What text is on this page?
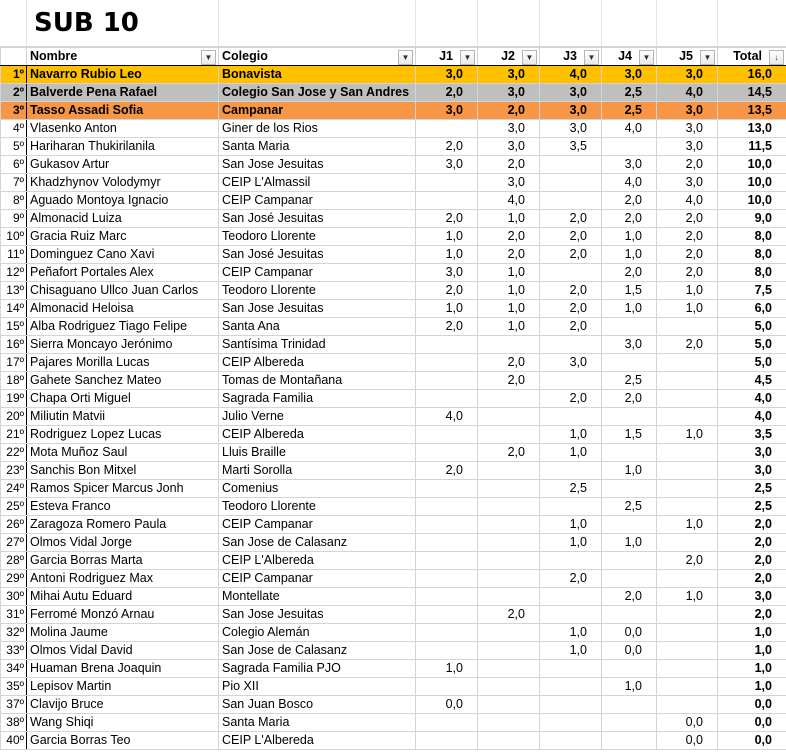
SUB 10
	Nombre ▼	Colegio ▼	J1 ▼	J2 ▼	J3 ▼	J4 ▼	J5 ▼	Total ↓

1º	Navarro Rubio Leo	Bonavista	3,0	3,0	4,0	3,0	3,0	16,0
2º	Balverde Pena Rafael	Colegio San Jose y San Andres	2,0	3,0	3,0	2,5	4,0	14,5
3º	Tasso Assadi Sofia	Campanar	3,0	2,0	3,0	2,5	3,0	13,5
4º	Vlasenko Anton	Giner de los Rios		3,0	3,0	4,0	3,0	13,0
5º	Hariharan Thukirilanila	Santa Maria	2,0	3,0	3,5		3,0	11,5
6º	Gukasov Artur	San Jose Jesuitas	3,0	2,0		3,0	2,0	10,0
7º	Khadzhynov Volodymyr	CEIP L'Almassil		3,0		4,0	3,0	10,0
8º	Aguado Montoya Ignacio	CEIP Campanar		4,0		2,0	4,0	10,0
9º	Almonacid Luiza	San José Jesuitas	2,0	1,0	2,0	2,0	2,0	9,0
10º	Gracia Ruiz Marc	Teodoro Llorente	1,0	2,0	2,0	1,0	2,0	8,0
11º	Dominguez Cano Xavi	San José Jesuitas	1,0	2,0	2,0	1,0	2,0	8,0
12º	Peñafort Portales Alex	CEIP Campanar	3,0	1,0		2,0	2,0	8,0
13º	Chisaguano Ullco Juan Carlos	Teodoro Llorente	2,0	1,0	2,0	1,5	1,0	7,5
14º	Almonacid Heloisa	San Jose Jesuitas	1,0	1,0	2,0	1,0	1,0	6,0
15º	Alba Rodriguez Tiago Felipe	Santa Ana	2,0	1,0	2,0			5,0
16º	Sierra Moncayo Jerónimo	Santísima Trinidad				3,0	2,0	5,0
17º	Pajares Morilla Lucas	CEIP Albereda		2,0	3,0			5,0
18º	Gahete Sanchez Mateo	Tomas de Montañana		2,0		2,5		4,5
19º	Chapa Orti Miguel	Sagrada Familia			2,0	2,0		4,0
20º	Miliutin Matvii	Julio Verne	4,0					4,0
21º	Rodriguez Lopez Lucas	CEIP Albereda			1,0	1,5	1,0	3,5
22º	Mota Muñoz Saul	Lluis Braille		2,0	1,0			3,0
23º	Sanchis Bon Mitxel	Marti Sorolla	2,0			1,0		3,0
24º	Ramos Spicer Marcus Jonh	Comenius			2,5			2,5
25º	Esteva Franco	Teodoro Llorente				2,5		2,5
26º	Zaragoza Romero Paula	CEIP Campanar			1,0		1,0	2,0
27º	Olmos Vidal Jorge	San Jose de Calasanz			1,0	1,0		2,0
28º	Garcia Borras Marta	CEIP L'Albereda					2,0	2,0
29º	Antoni Rodriguez Max	CEIP Campanar			2,0			2,0
30º	Mihai Autu Eduard	Montellate				2,0	1,0	3,0
31º	Ferromé Monzó Arnau	San Jose Jesuitas		2,0				2,0
32º	Molina Jaume	Colegio Alemán			1,0	0,0		1,0
33º	Olmos Vidal David	San Jose de Calasanz			1,0	0,0		1,0
34º	Huaman Brena Joaquin	Sagrada Familia PJO	1,0					1,0
35º	Lepisov Martin	Pio XII				1,0		1,0
37º	Clavijo Bruce	San Juan Bosco	0,0					0,0
38º	Wang Shiqi	Santa Maria					0,0	0,0
40º	Garcia Borras Teo	CEIP L'Albereda					0,0	0,0
